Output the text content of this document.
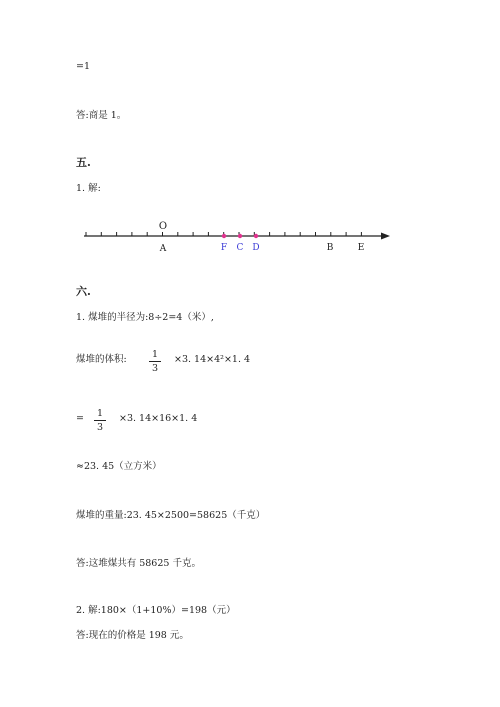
=1
答:商是 1。
五.
1. 解:
O
A	F C D	B	E
六.
1. 煤堆的半径为:8÷2=4（米）,
煤堆的体积:	1
3
×3. 14×4²×1. 4
=	1
3
×3. 14×16×1. 4
≈23. 45（立方米）
煤堆的重量:23. 45×2500=58625（千克）
答:这堆煤共有 58625 千克。
2. 解:180×（1+10%）=198（元）
答:现在的价格是 198 元。
